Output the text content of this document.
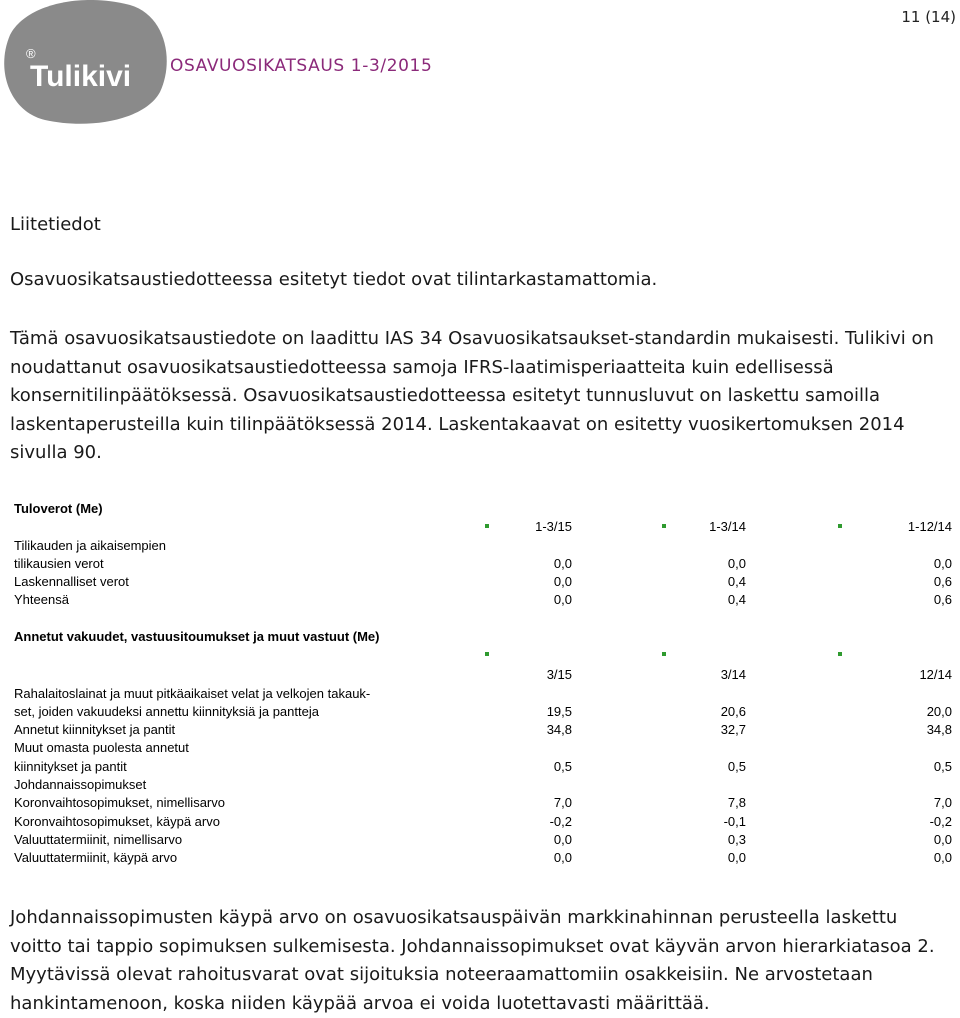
Tulikivi
®
11 (14)
OSAVUOSIKATSAUS 1-3/2015
Liitetiedot

Osavuosikatsaustiedotteessa esitetyt tiedot ovat tilintarkastamattomia.

Tämä osavuosikatsaustiedote on laadittu IAS 34 Osavuosikatsaukset-standardin mukaisesti. Tulikivi on noudattanut osavuosikatsaustiedotteessa samoja IFRS-laatimisperiaatteita kuin edellisessä konsernitilinpäätöksessä. Osavuosikatsaustiedotteessa esitetyt tunnusluvut on laskettu samoilla laskentaperusteilla kuin tilinpäätöksessä 2014. Laskentakaavat on esitetty vuosikertomuksen 2014 sivulla 90.

Tuloverot (Me)
1-3/15	1-3/14	1-12/14
Tilikauden ja aikaisempien
tilikausien verot	0,0	0,0	0,0
Laskennalliset verot	0,0	0,4	0,6
Yhteensä	0,0	0,4	0,6
Annetut vakuudet, vastuusitoumukset ja muut vastuut (Me)
3/15	3/14	12/14
Rahalaitoslainat ja muut pitkäaikaiset velat ja velkojen takauk-
set, joiden vakuudeksi annettu kiinnityksiä ja pantteja	19,5	20,6	20,0
Annetut kiinnitykset ja pantit	34,8	32,7	34,8
Muut omasta puolesta annetut
kiinnitykset ja pantit	0,5	0,5	0,5
Johdannaissopimukset
Koronvaihtosopimukset, nimellisarvo	7,0	7,8	7,0
Koronvaihtosopimukset, käypä arvo	-0,2	-0,1	-0,2
Valuuttatermiinit, nimellisarvo	0,0	0,3	0,0
Valuuttatermiinit, käypä arvo	0,0	0,0	0,0

Johdannaissopimusten käypä arvo on osavuosikatsauspäivän markkinahinnan perusteella laskettu voitto tai tappio sopimuksen sulkemisesta. Johdannaissopimukset ovat käyvän arvon hierarkiatasoa 2. Myytävissä olevat rahoitusvarat ovat sijoituksia noteeraamattomiin osakkeisiin. Ne arvostetaan hankintamenoon, koska niiden käypää arvoa ei voida luotettavasti määrittää.
